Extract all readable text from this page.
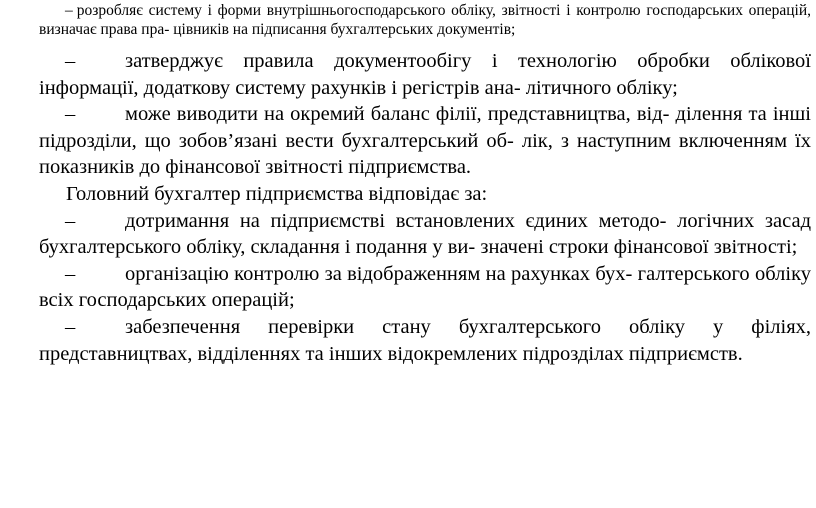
– розробляє систему і форми внутрішньогосподарського обліку, звітності і контролю господарських операцій, визначає права пра- цівників на підписання бухгалтерських документів;

– затверджує правила документообігу і технологію обробки облікової інформації, додаткову систему рахунків і регістрів ана- літичного обліку;

– може виводити на окремий баланс філії, представництва, від- ділення та інші підрозділи, що зобов’язані вести бухгалтерський об- лік, з наступним включенням їх показників до фінансової звітності підприємства.

Головний бухгалтер підприємства відповідає за:

– дотримання на підприємстві встановлених єдиних методо- логічних засад бухгалтерського обліку, складання і подання у ви- значені строки фінансової звітності;

– організацію контролю за відображенням на рахунках бух- галтерського обліку всіх господарських операцій;

– забезпечення перевірки стану бухгалтерського обліку у філіях, представництвах, відділеннях та інших відокремлених підрозділах підприємств.
